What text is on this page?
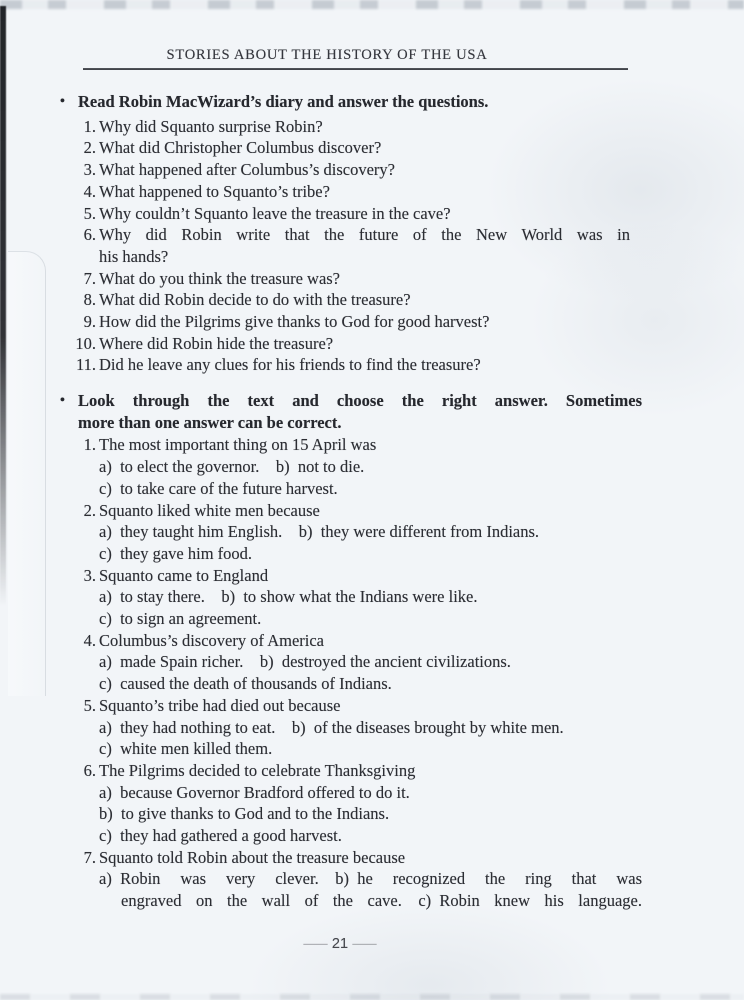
STORIES ABOUT THE HISTORY OF THE USA
• Read Robin MacWizard’s diary and answer the questions.
1. Why did Squanto surprise Robin?
2. What did Christopher Columbus discover?
3. What happened after Columbus’s discovery?
4. What happened to Squanto’s tribe?
5. Why couldn’t Squanto leave the treasure in the cave?
6. Why did Robin write that the future of the New World was in
his hands?
7. What do you think the treasure was?
8. What did Robin decide to do with the treasure?
9. How did the Pilgrims give thanks to God for good harvest?
10. Where did Robin hide the treasure?
11. Did he leave any clues for his friends to find the treasure?
• Look through the text and choose the right answer. Sometimes
more than one answer can be correct.
1. The most important thing on 15 April was
a) to elect the governor.  b) not to die.
c) to take care of the future harvest.
2. Squanto liked white men because
a) they taught him English.  b) they were different from Indians.
c) they gave him food.
3. Squanto came to England
a) to stay there.  b) to show what the Indians were like.
c) to sign an agreement.
4. Columbus’s discovery of America
a) made Spain richer.  b) destroyed the ancient civilizations.
c) caused the death of thousands of Indians.
5. Squanto’s tribe had died out because
a) they had nothing to eat.  b) of the diseases brought by white men.
c) white men killed them.
6. The Pilgrims decided to celebrate Thanksgiving
a) because Governor Bradford offered to do it.
b) to give thanks to God and to the Indians.
c) they had gathered a good harvest.
7. Squanto told Robin about the treasure because
a) Robin was very clever.  b) he recognized the ring that was
engraved on the wall of the cave.  c) Robin knew his language.
— 21 —
